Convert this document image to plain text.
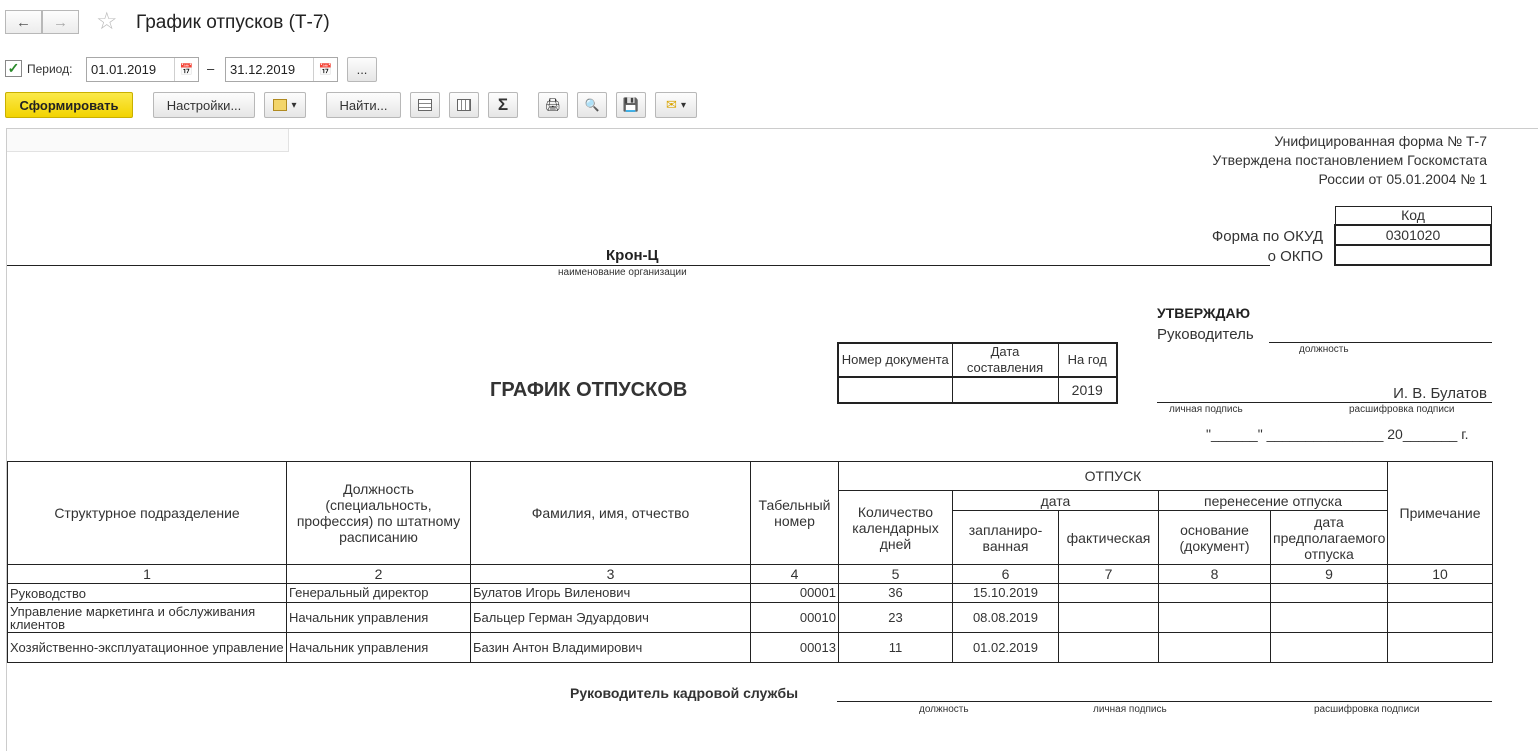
← → ☆ График отпусков (Т-7)
✓ Период: 01.01.2019	📅	– 31.12.2019	📅	...
Сформировать	Настройки...	▾	Найти...	Σ	🖨 🔍 💾 ✉ ▾
Унифицированная форма № Т-7
Утверждена постановлением Госкомстата
России от 05.01.2004 № 1
Код
0301020

Форма по ОКУД
о ОКПО
Крон-Ц
наименование организации
УТВЕРЖДАЮ
Руководитель
должность
И. В. Булатов
личная подпись	расшифровка подписи
"______" _______________ 20_______ г.
ГРАФИК ОТПУСКОВ
Номер документа	Дата составления	На год
		2019
Структурное подразделение	Должность (специальность, профессия) по штатному расписанию	Фамилия, имя, отчество	Табельный номер	ОТПУСК					Примечание
				Количество календарных дней	дата		перенесение отпуска		
					запланиро-ванная	фактическая	основание (документ)	дата предполагаемого отпуска	
1	2	3	4	5	6	7	8	9	10
Руководство	Генеральный директор	Булатов Игорь Виленович	00001	36	15.10.2019				
Управление маркетинга и обслуживания клиентов	Начальник управления	Бальцер Герман Эдуардович	00010	23	08.08.2019				
Хозяйственно-эксплуатационное управление	Начальник управления	Базин Антон Владимирович	00013	11	01.02.2019				
Руководитель кадровой службы
должность	личная подпись	расшифровка подписи
